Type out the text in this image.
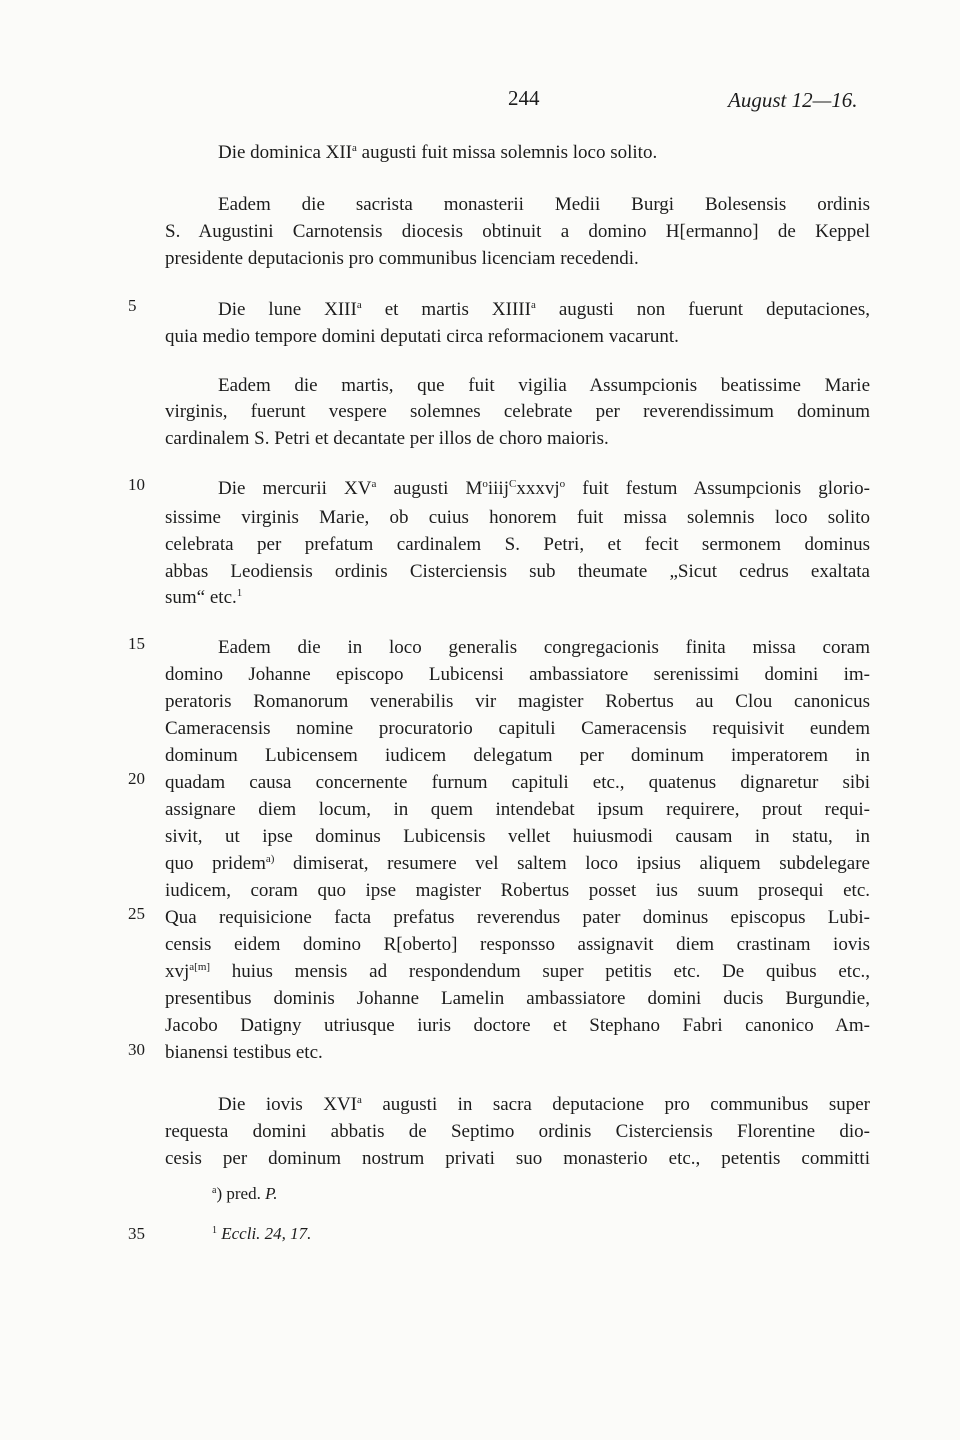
244	August 12—16.
5
10
15
20
25
30
35
Die dominica XII$^a$ augusti fuit missa solemnis loco solito.
Eadem die sacrista monasterii Medii Burgi Bolesensis ordinis
S. Augustini Carnotensis diocesis obtinuit a domino H[ermanno] de Keppel
presidente deputacionis pro communibus licenciam recedendi.
Die lune XIII$^a$ et martis XIIII$^a$ augusti non fuerunt deputaciones,
quia medio tempore domini deputati circa reformacionem vacarunt.
Eadem die martis, que fuit vigilia Assumpcionis beatissime Marie
virginis, fuerunt vespere solemnes celebrate per reverendissimum dominum
cardinalem S. Petri et decantate per illos de choro maioris.
Die mercurii $XV^a$ augusti $M^oiiij^Cxxxvj^o$ fuit festum Assumpcionis glorio-
sissime virginis Marie, ob cuius honorem fuit missa solemnis loco solito
celebrata per prefatum cardinalem S. Petri, et fecit sermonem dominus
abbas Leodiensis ordinis Cisterciensis sub theumate „Sicut cedrus exaltata
sum“ etc.$^1$
Eadem die in loco generalis congregacionis finita missa coram
domino Johanne episcopo Lubicensi ambassiatore serenissimi domini im-
peratoris Romanorum venerabilis vir magister Robertus au Clou canonicus
Cameracensis nomine procuratorio capituli Cameracensis requisivit eundem
dominum Lubicensem iudicem delegatum per dominum imperatorem in
quadam causa concernente furnum capituli etc., quatenus dignaretur sibi
assignare diem locum, in quem intendebat ipsum requirere, prout requi-
sivit, ut ipse dominus Lubicensis vellet huiusmodi causam in statu, in
quo pridem$^{a)}$ dimiserat, resumere vel saltem loco ipsius aliquem subdelegare
iudicem, coram quo ipse magister Robertus posset ius suum prosequi etc.
Qua requisicione facta prefatus reverendus pater dominus episcopus Lubi-
censis eidem domino R[oberto] responsso assignavit diem crastinam iovis
xvj$^{a[m]}$ huius mensis ad respondendum super petitis etc. De quibus etc.,
presentibus dominis Johanne Lamelin ambassiatore domini ducis Burgundie,
Jacobo Datigny utriusque iuris doctore et Stephano Fabri canonico Am-
bianensi testibus etc.
Die iovis XVI$^a$ augusti in sacra deputacione pro communibus super
requesta domini abbatis de Septimo ordinis Cisterciensis Florentine dio-
cesis per dominum nostrum privati suo monasterio etc., petentis committi
$^a$) pred. P.
$^1$ Eccli. 24, 17.
